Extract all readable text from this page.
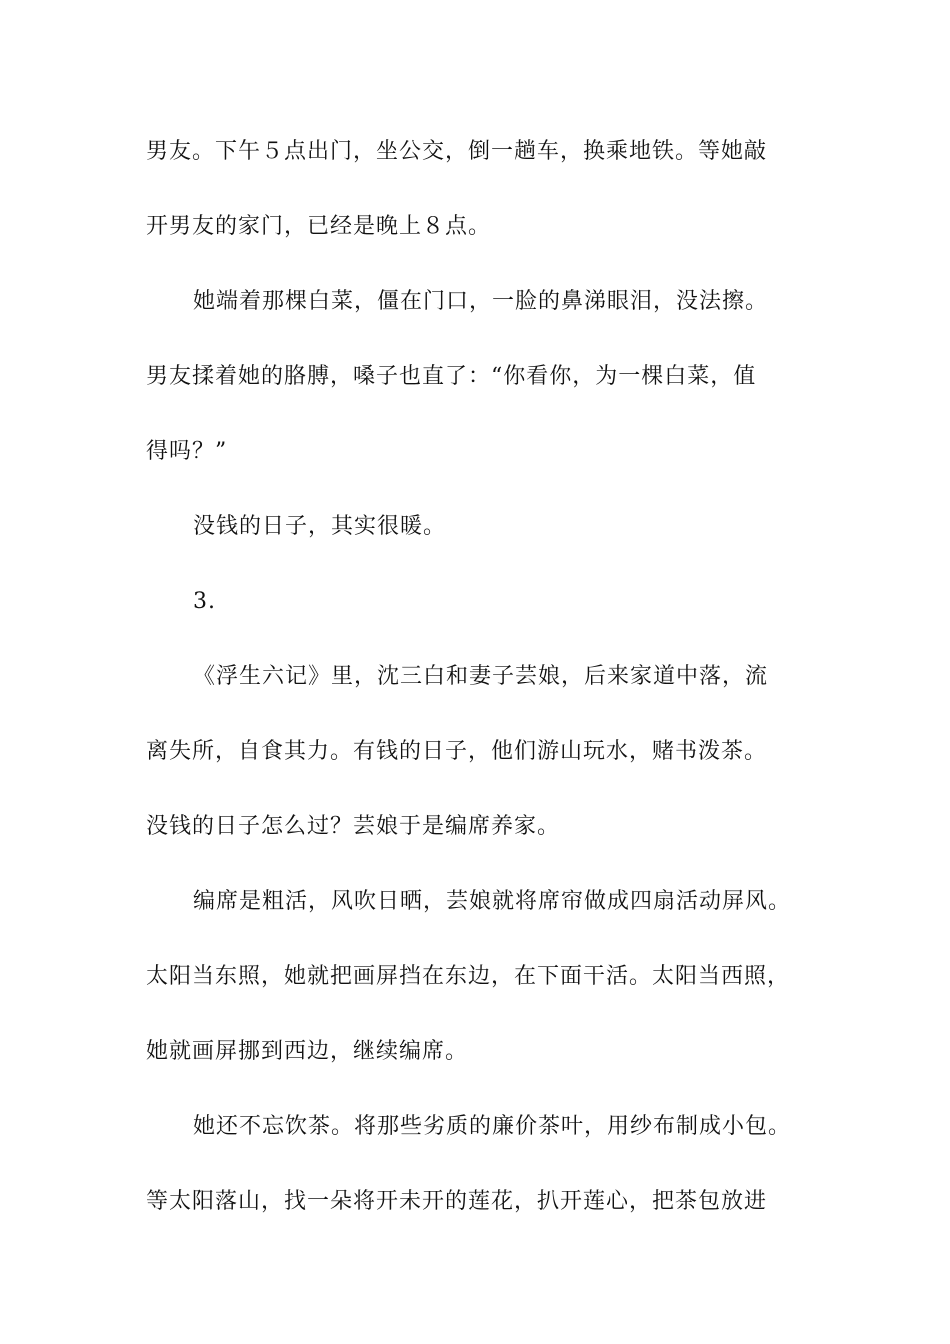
男友。下午５点出门，坐公交，倒一趟车，换乘地铁。等她敲
开男友的家门，已经是晚上８点。
她端着那棵白菜，僵在门口，一脸的鼻涕眼泪，没法擦。
男友揉着她的胳膊，嗓子也直了：“你看你，为一棵白菜，值
得吗？”
没钱的日子，其实很暖。
3.
《浮生六记》里，沈三白和妻子芸娘，后来家道中落，流
离失所，自食其力。有钱的日子，他们游山玩水，赌书泼茶。
没钱的日子怎么过？芸娘于是编席养家。
编席是粗活，风吹日晒，芸娘就将席帘做成四扇活动屏风。
太阳当东照，她就把画屏挡在东边，在下面干活。太阳当西照，
她就画屏挪到西边，继续编席。
她还不忘饮茶。将那些劣质的廉价茶叶，用纱布制成小包。
等太阳落山，找一朵将开未开的莲花，扒开莲心，把茶包放进
